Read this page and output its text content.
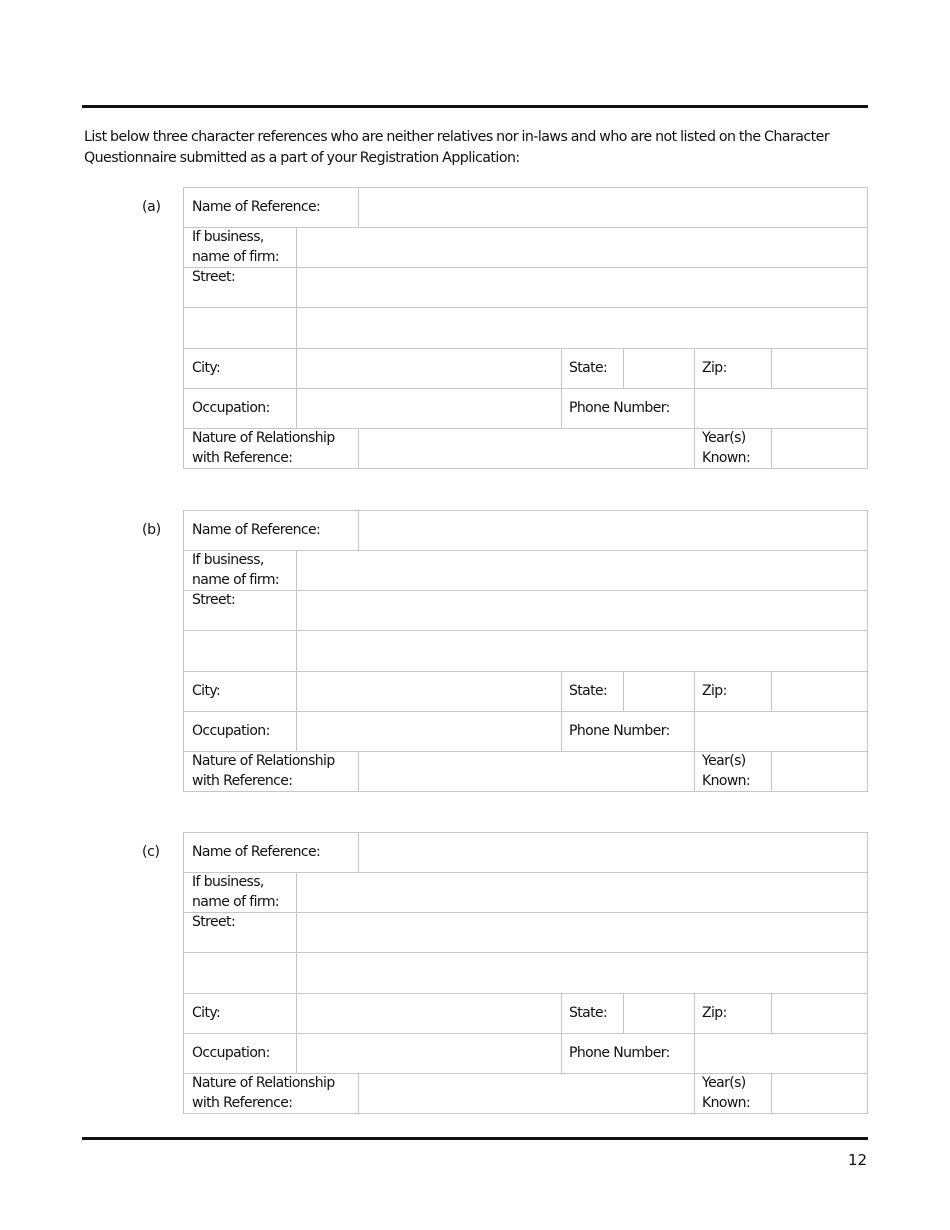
List below three character references who are neither relatives nor in-laws and who are not listed on the Character Questionnaire submitted as a part of your Registration Application:
(a) Name of Reference:
If business,
name of firm:
Street:
City:	State:	Zip:
Occupation:	Phone Number:
Nature of Relationship
with Reference:
Year(s)
Known:
(b) Name of Reference:
If business,
name of firm:
Street:
City:	State:	Zip:
Occupation:	Phone Number:
Nature of Relationship
with Reference:
Year(s)
Known:
(c) Name of Reference:
If business,
name of firm:
Street:
City:	State:	Zip:
Occupation:	Phone Number:
Nature of Relationship
with Reference:
Year(s)
Known:
12
